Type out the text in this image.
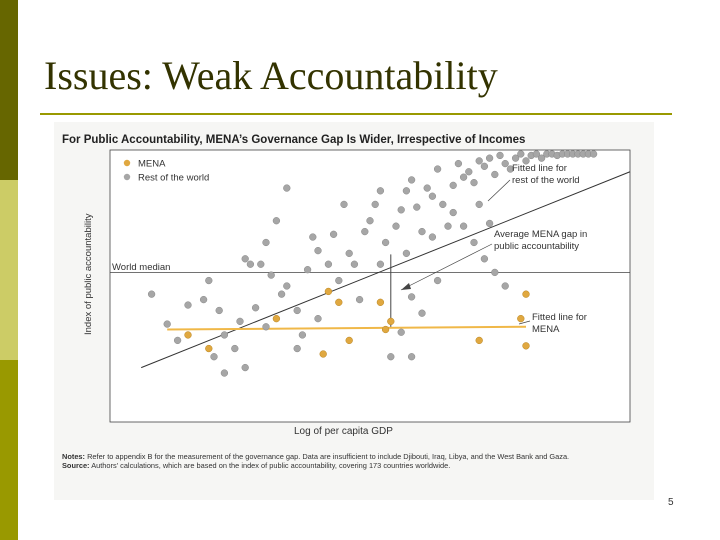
Issues: Weak Accountability
For Public Accountability, MENA’s Governance Gap Is Wider, Irrespective of Incomes
MENA
Rest of the world
World median
Fitted line for
rest of the world
Average MENA gap in
public accountability
Fitted line for
MENA
Index of public accountability
Log of per capita GDP
Notes: Refer to appendix B for the measurement of the governance gap. Data are insufficient to include Djibouti, Iraq, Libya, and the West Bank and Gaza.
Source: Authors' calculations, which are based on the index of public accountability, covering 173 countries worldwide.
5
